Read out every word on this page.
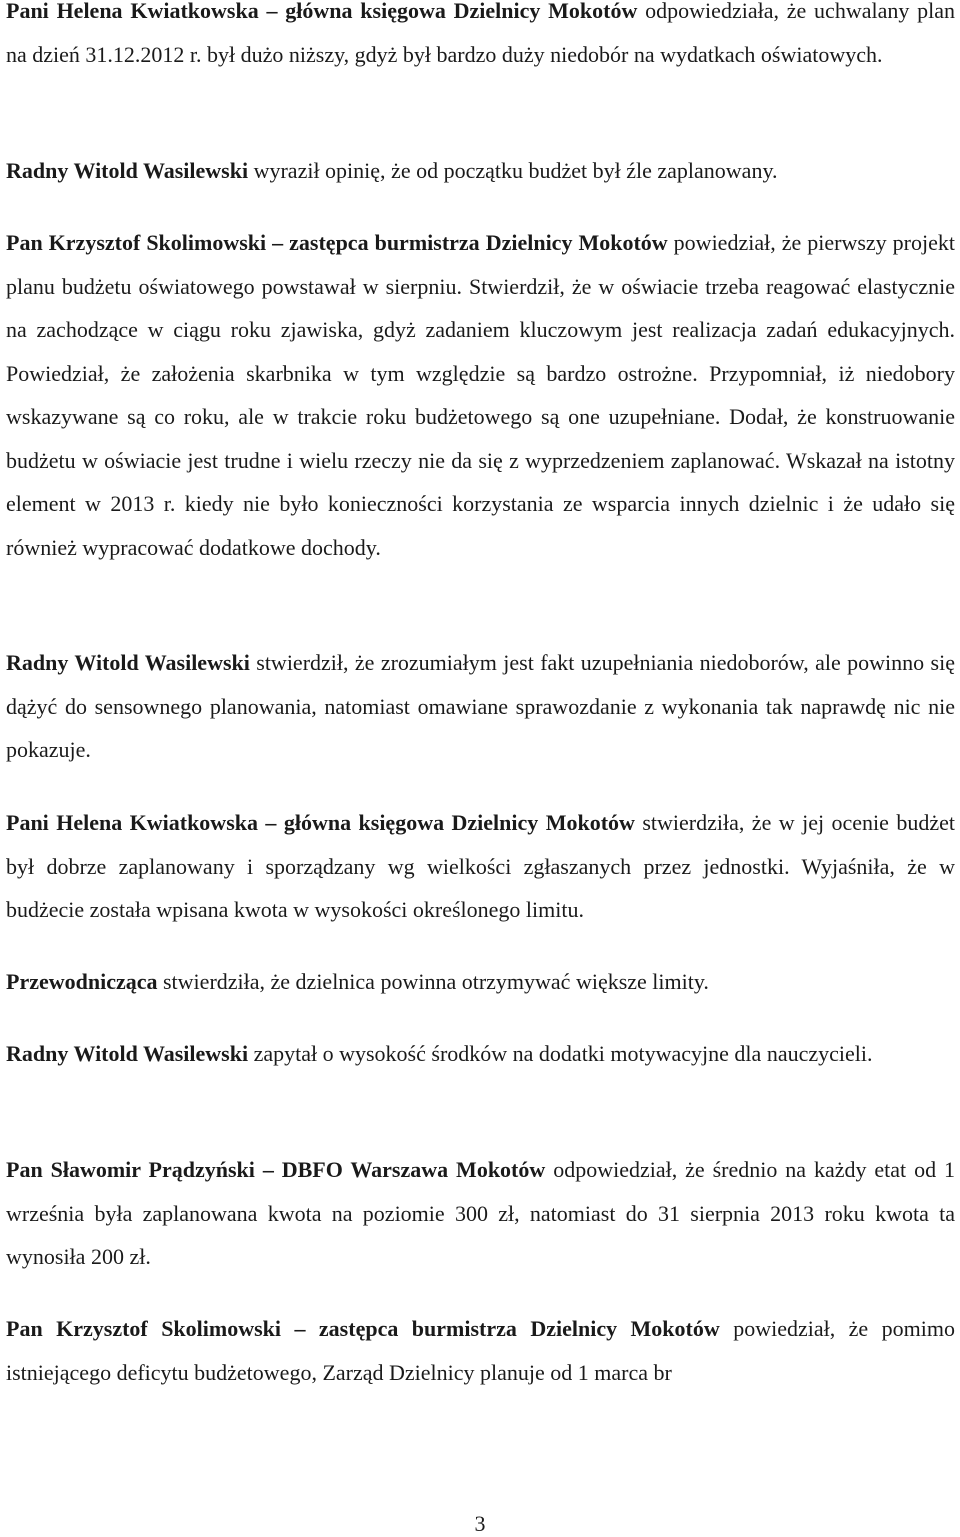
Pani Helena Kwiatkowska – główna księgowa Dzielnicy Mokotów odpowiedziała, że uchwalany plan na dzień 31.12.2012 r. był dużo niższy, gdyż był bardzo duży niedobór na wydatkach oświatowych.

Radny Witold Wasilewski wyraził opinię, że od początku budżet był źle zaplanowany.

Pan Krzysztof Skolimowski – zastępca burmistrza Dzielnicy Mokotów powiedział, że pierwszy projekt planu budżetu oświatowego powstawał w sierpniu. Stwierdził, że w oświacie trzeba reagować elastycznie na zachodzące w ciągu roku zjawiska, gdyż zadaniem kluczowym jest realizacja zadań edukacyjnych. Powiedział, że założenia skarbnika w tym względzie są bardzo ostrożne. Przypomniał, iż niedobory wskazywane są co roku, ale w trakcie roku budżetowego są one uzupełniane. Dodał, że konstruowanie budżetu w oświacie jest trudne i wielu rzeczy nie da się z wyprzedzeniem zaplanować. Wskazał na istotny element w 2013 r. kiedy nie było konieczności korzystania ze wsparcia innych dzielnic i że udało się również wypracować dodatkowe dochody.

Radny Witold Wasilewski stwierdził, że zrozumiałym jest fakt uzupełniania niedoborów, ale powinno się dążyć do sensownego planowania, natomiast omawiane sprawozdanie z wykonania tak naprawdę nic nie pokazuje.

Pani Helena Kwiatkowska – główna księgowa Dzielnicy Mokotów stwierdziła, że w jej ocenie budżet był dobrze zaplanowany i sporządzany wg wielkości zgłaszanych przez jednostki. Wyjaśniła, że w budżecie została wpisana kwota w wysokości określonego limitu.

Przewodnicząca stwierdziła, że dzielnica powinna otrzymywać większe limity.

Radny Witold Wasilewski zapytał o wysokość środków na dodatki motywacyjne dla nauczycieli.

Pan Sławomir Prądzyński – DBFO Warszawa Mokotów odpowiedział, że średnio na każdy etat od 1 września była zaplanowana kwota na poziomie 300 zł, natomiast do 31 sierpnia 2013 roku kwota ta wynosiła 200 zł.

Pan Krzysztof Skolimowski – zastępca burmistrza Dzielnicy Mokotów powiedział, że pomimo istniejącego deficytu budżetowego, Zarząd Dzielnicy planuje od 1 marca br

3
